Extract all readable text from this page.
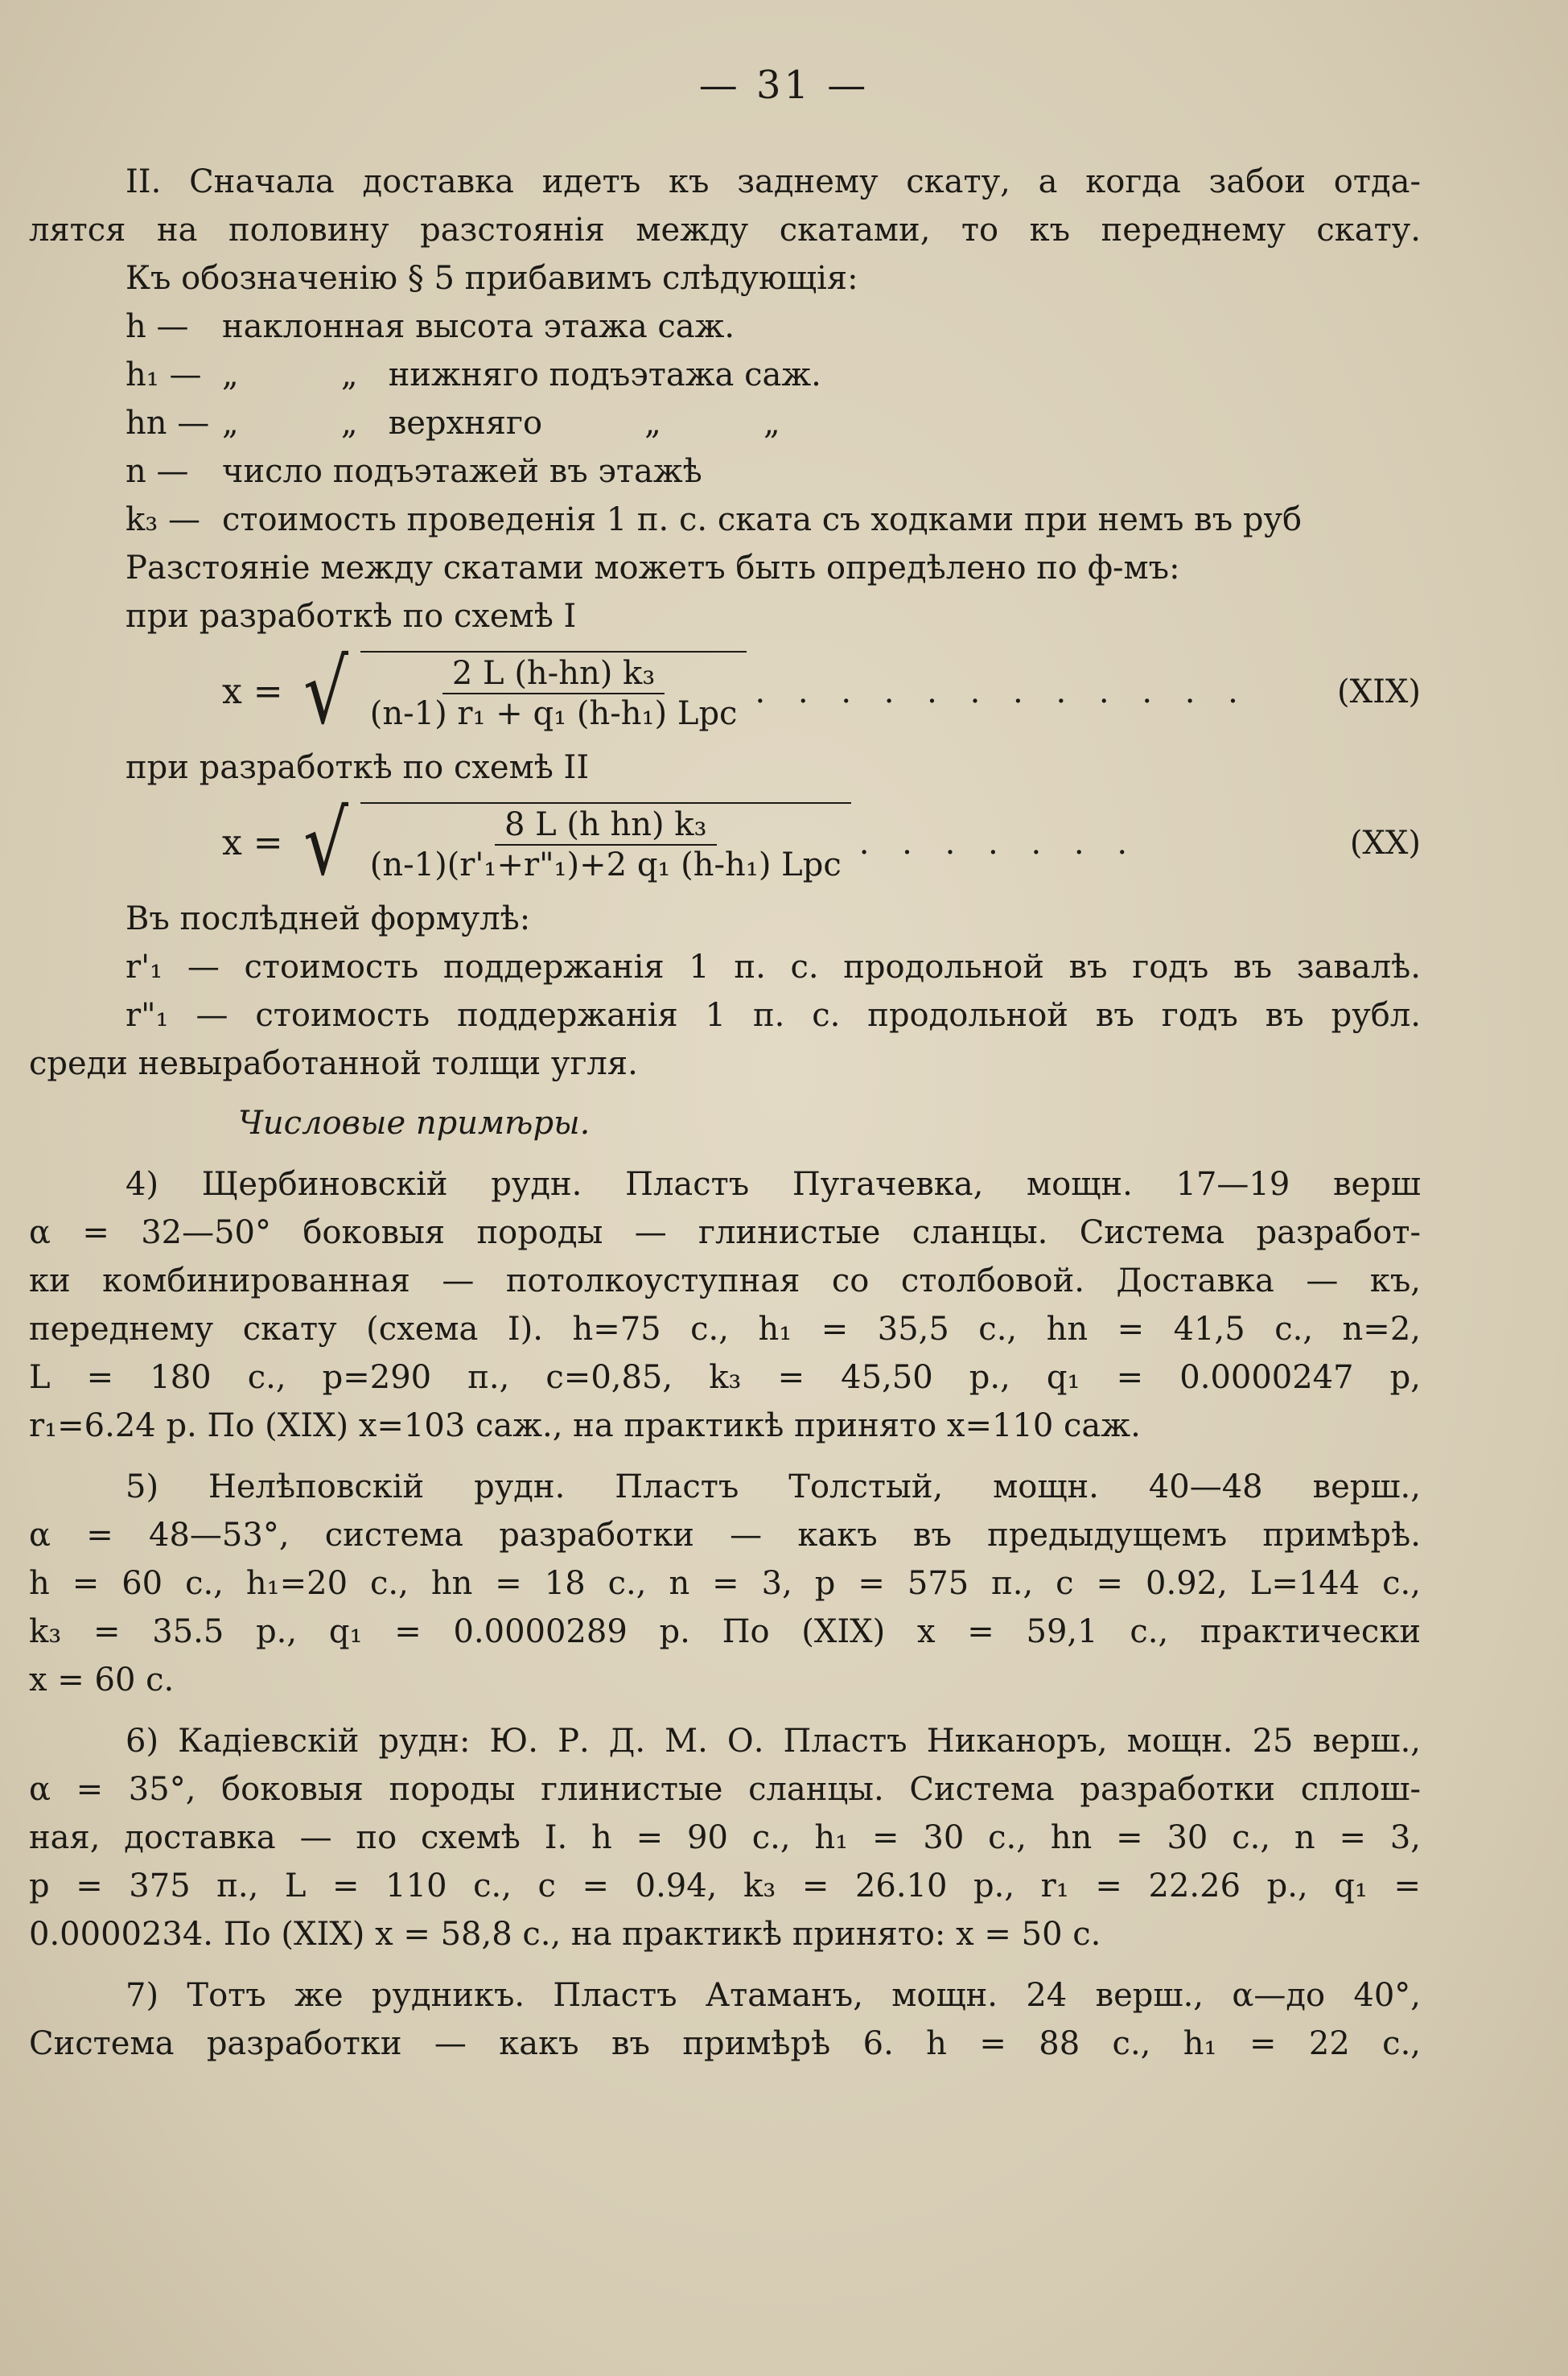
— 31 —
II. Сначала доставка идетъ къ заднему скату, а когда забои отда-
лятся на половину разстоянія между скатами, то къ переднему скату.
Къ обозначенію § 5 прибавимъ слѣдующія:
h —	наклонная высота этажа саж.
h₁ — „          „   нижняго подъэтажа саж.
hn — „          „   верхняго          „          „
n —	число подъэтажей въ этажѣ
k₃ — стоимость проведенія 1 п. с. ската съ ходками при немъ въ руб
Разстояніе между скатами можетъ быть опредѣлено по ф-мъ:
при разработкѣ по схемѣ I
x = √ $\frac{\text{2 L (h-hn) k₃}}{\text{(n-1) r₁ + q₁ (h-h₁) Lpc}}$ . . . . . . . . . . . .	(XIX)
при разработкѣ по схемѣ II
x = √ $\frac{\text{8 L (h hn) k₃}}{\text{(n-1)(r'₁+r"₁)+2 q₁ (h-h₁) Lpc}}$ . . . . . . .	(XX)
Въ послѣдней формулѣ:
r'₁ — стоимость поддержанія 1 п. с. продольной въ годъ въ завалѣ.
r"₁ — стоимость поддержанія 1 п. с. продольной въ годъ въ рубл.
среди невыработанной толщи угля.
Числовые примѣры.
4) Щербиновскій рудн. Пластъ Пугачевка, мощн. 17—19 верш
α = 32—50° боковыя породы — глинистые сланцы. Система разработ-
ки комбинированная — потолкоуступная со столбовой. Доставка — къ,
переднему скату (схема I). h=75 с., h₁ = 35,5 с., hn = 41,5 с., n=2,
L = 180 с., p=290 п., c=0,85, k₃ = 45,50 р., q₁ = 0.0000247 р,
r₁=6.24 р. По (XIX) x=103 саж., на практикѣ принято x=110 саж.
5) Нелѣповскій рудн. Пластъ Толстый, мощн. 40—48 верш.,
α = 48—53°, система разработки — какъ въ предыдущемъ примѣрѣ.
h = 60 с., h₁=20 с., hn = 18 с., n = 3, p = 575 п., c = 0.92, L=144 с.,
k₃ = 35.5 р., q₁ = 0.0000289 р. По (XIX) x = 59,1 с., практически
x = 60 с.
6) Кадіевскій рудн: Ю. Р. Д. М. О. Пластъ Никаноръ, мощн. 25 верш.,
α = 35°, боковыя породы глинистые сланцы. Система разработки сплош-
ная, доставка — по схемѣ I. h = 90 с., h₁ = 30 с., hn = 30 с., n = 3,
p = 375 п., L = 110 с., c = 0.94, k₃ = 26.10 р., r₁ = 22.26 р., q₁ =
0.0000234. По (XIX) x = 58,8 с., на практикѣ принято: x = 50 с.
7) Тотъ же рудникъ. Пластъ Атаманъ, мощн. 24 верш., α—до 40°,
Система разработки — какъ въ примѣрѣ 6. h = 88 с., h₁ = 22 с.,
